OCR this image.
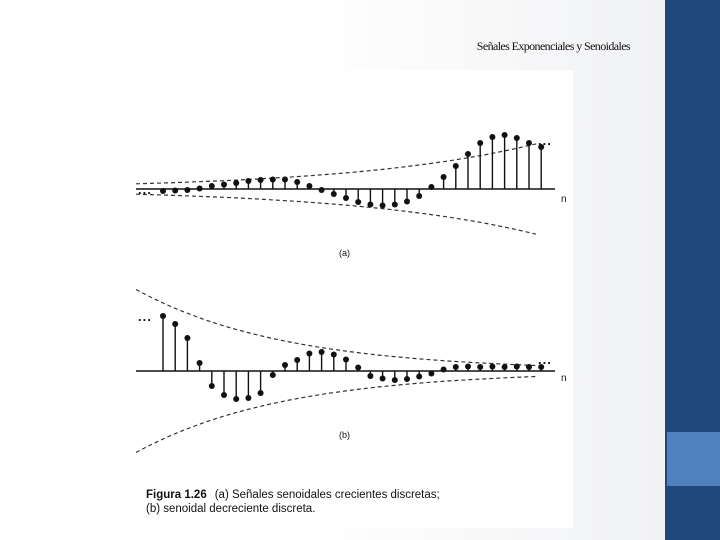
Señales Exponenciales y Senoidales
...
...
n
(a)
...
...
n
(b)
Figura 1.26 (a) Señales senoidales crecientes discretas;
(b) senoidal decreciente discreta.
